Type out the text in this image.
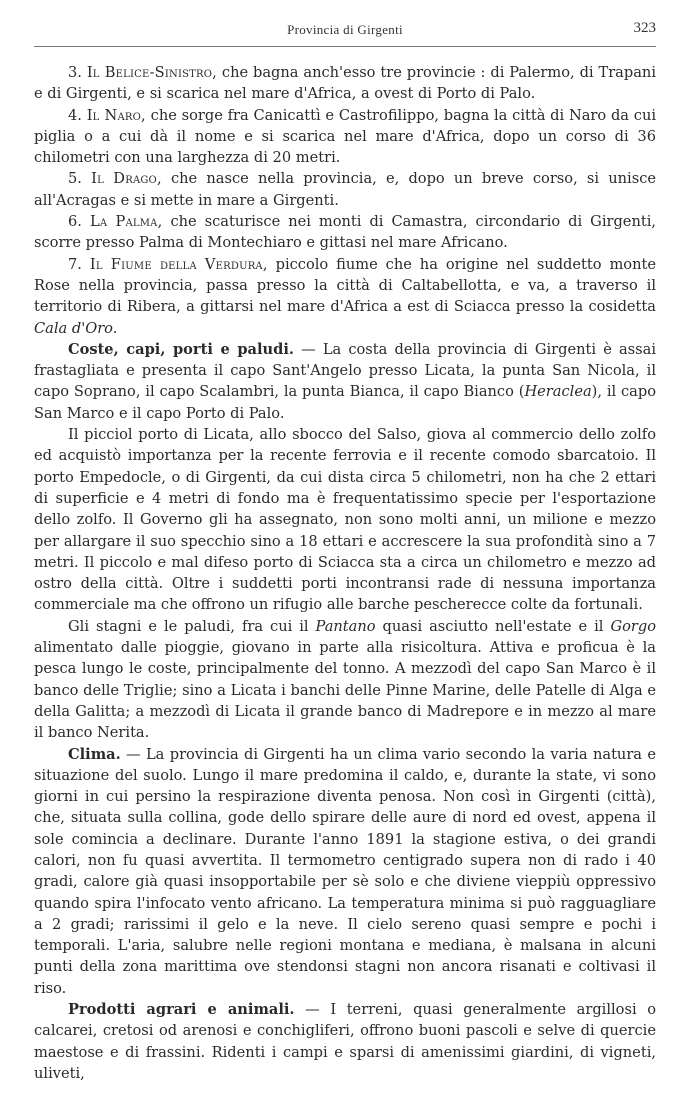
Provincia di Girgenti	323

3. Il Belice-Sinistro, che bagna anch'esso tre provincie : di Palermo, di Trapani e di Girgenti, e si scarica nel mare d'Africa, a ovest di Porto di Palo.

4. Il Naro, che sorge fra Canicattì e Castrofilippo, bagna la città di Naro da cui piglia o a cui dà il nome e si scarica nel mare d'Africa, dopo un corso di 36 chilometri con una larghezza di 20 metri.

5. Il Drago, che nasce nella provincia, e, dopo un breve corso, si unisce all'Acragas e si mette in mare a Girgenti.

6. La Palma, che scaturisce nei monti di Camastra, circondario di Girgenti, scorre presso Palma di Montechiaro e gittasi nel mare Africano.

7. Il Fiume della Verdura, piccolo fiume che ha origine nel suddetto monte Rose nella provincia, passa presso la città di Caltabellotta, e va, a traverso il territorio di Ribera, a gittarsi nel mare d'Africa a est di Sciacca presso la cosidetta Cala d'Oro.

Coste, capi, porti e paludi. — La costa della provincia di Girgenti è assai frastagliata e presenta il capo Sant'Angelo presso Licata, la punta San Nicola, il capo Soprano, il capo Scalambri, la punta Bianca, il capo Bianco (Heraclea), il capo San Marco e il capo Porto di Palo.

Il picciol porto di Licata, allo sbocco del Salso, giova al commercio dello zolfo ed acquistò importanza per la recente ferrovia e il recente comodo sbarcatoio. Il porto Empedocle, o di Girgenti, da cui dista circa 5 chilometri, non ha che 2 ettari di superficie e 4 metri di fondo ma è frequentatissimo specie per l'esportazione dello zolfo. Il Governo gli ha assegnato, non sono molti anni, un milione e mezzo per allargare il suo specchio sino a 18 ettari e accrescere la sua profondità sino a 7 metri. Il piccolo e mal difeso porto di Sciacca sta a circa un chilometro e mezzo ad ostro della città. Oltre i suddetti porti incontransi rade di nessuna importanza commerciale ma che offrono un rifugio alle barche pescherecce colte da fortunali.

Gli stagni e le paludi, fra cui il Pantano quasi asciutto nell'estate e il Gorgo alimentato dalle pioggie, giovano in parte alla risicoltura. Attiva e proficua è la pesca lungo le coste, principalmente del tonno. A mezzodì del capo San Marco è il banco delle Triglie; sino a Licata i banchi delle Pinne Marine, delle Patelle di Alga e della Galitta; a mezzodì di Licata il grande banco di Madrepore e in mezzo al mare il banco Nerita.

Clima. — La provincia di Girgenti ha un clima vario secondo la varia natura e situazione del suolo. Lungo il mare predomina il caldo, e, durante la state, vi sono giorni in cui persino la respirazione diventa penosa. Non così in Girgenti (città), che, situata sulla collina, gode dello spirare delle aure di nord ed ovest, appena il sole comincia a declinare. Durante l'anno 1891 la stagione estiva, o dei grandi calori, non fu quasi avvertita. Il termometro centigrado supera non di rado i 40 gradi, calore già quasi insopportabile per sè solo e che diviene vieppiù oppressivo quando spira l'infocato vento africano. La temperatura minima si può ragguagliare a 2 gradi; rarissimi il gelo e la neve. Il cielo sereno quasi sempre e pochi i temporali. L'aria, salubre nelle regioni montana e mediana, è malsana in alcuni punti della zona marittima ove stendonsi stagni non ancora risanati e coltivasi il riso.

Prodotti agrari e animali. — I terreni, quasi generalmente argillosi o calcarei, cretosi od arenosi e conchigliferi, offrono buoni pascoli e selve di quercie maestose e di frassini. Ridenti i campi e sparsi di amenissimi giardini, di vigneti, uliveti,
